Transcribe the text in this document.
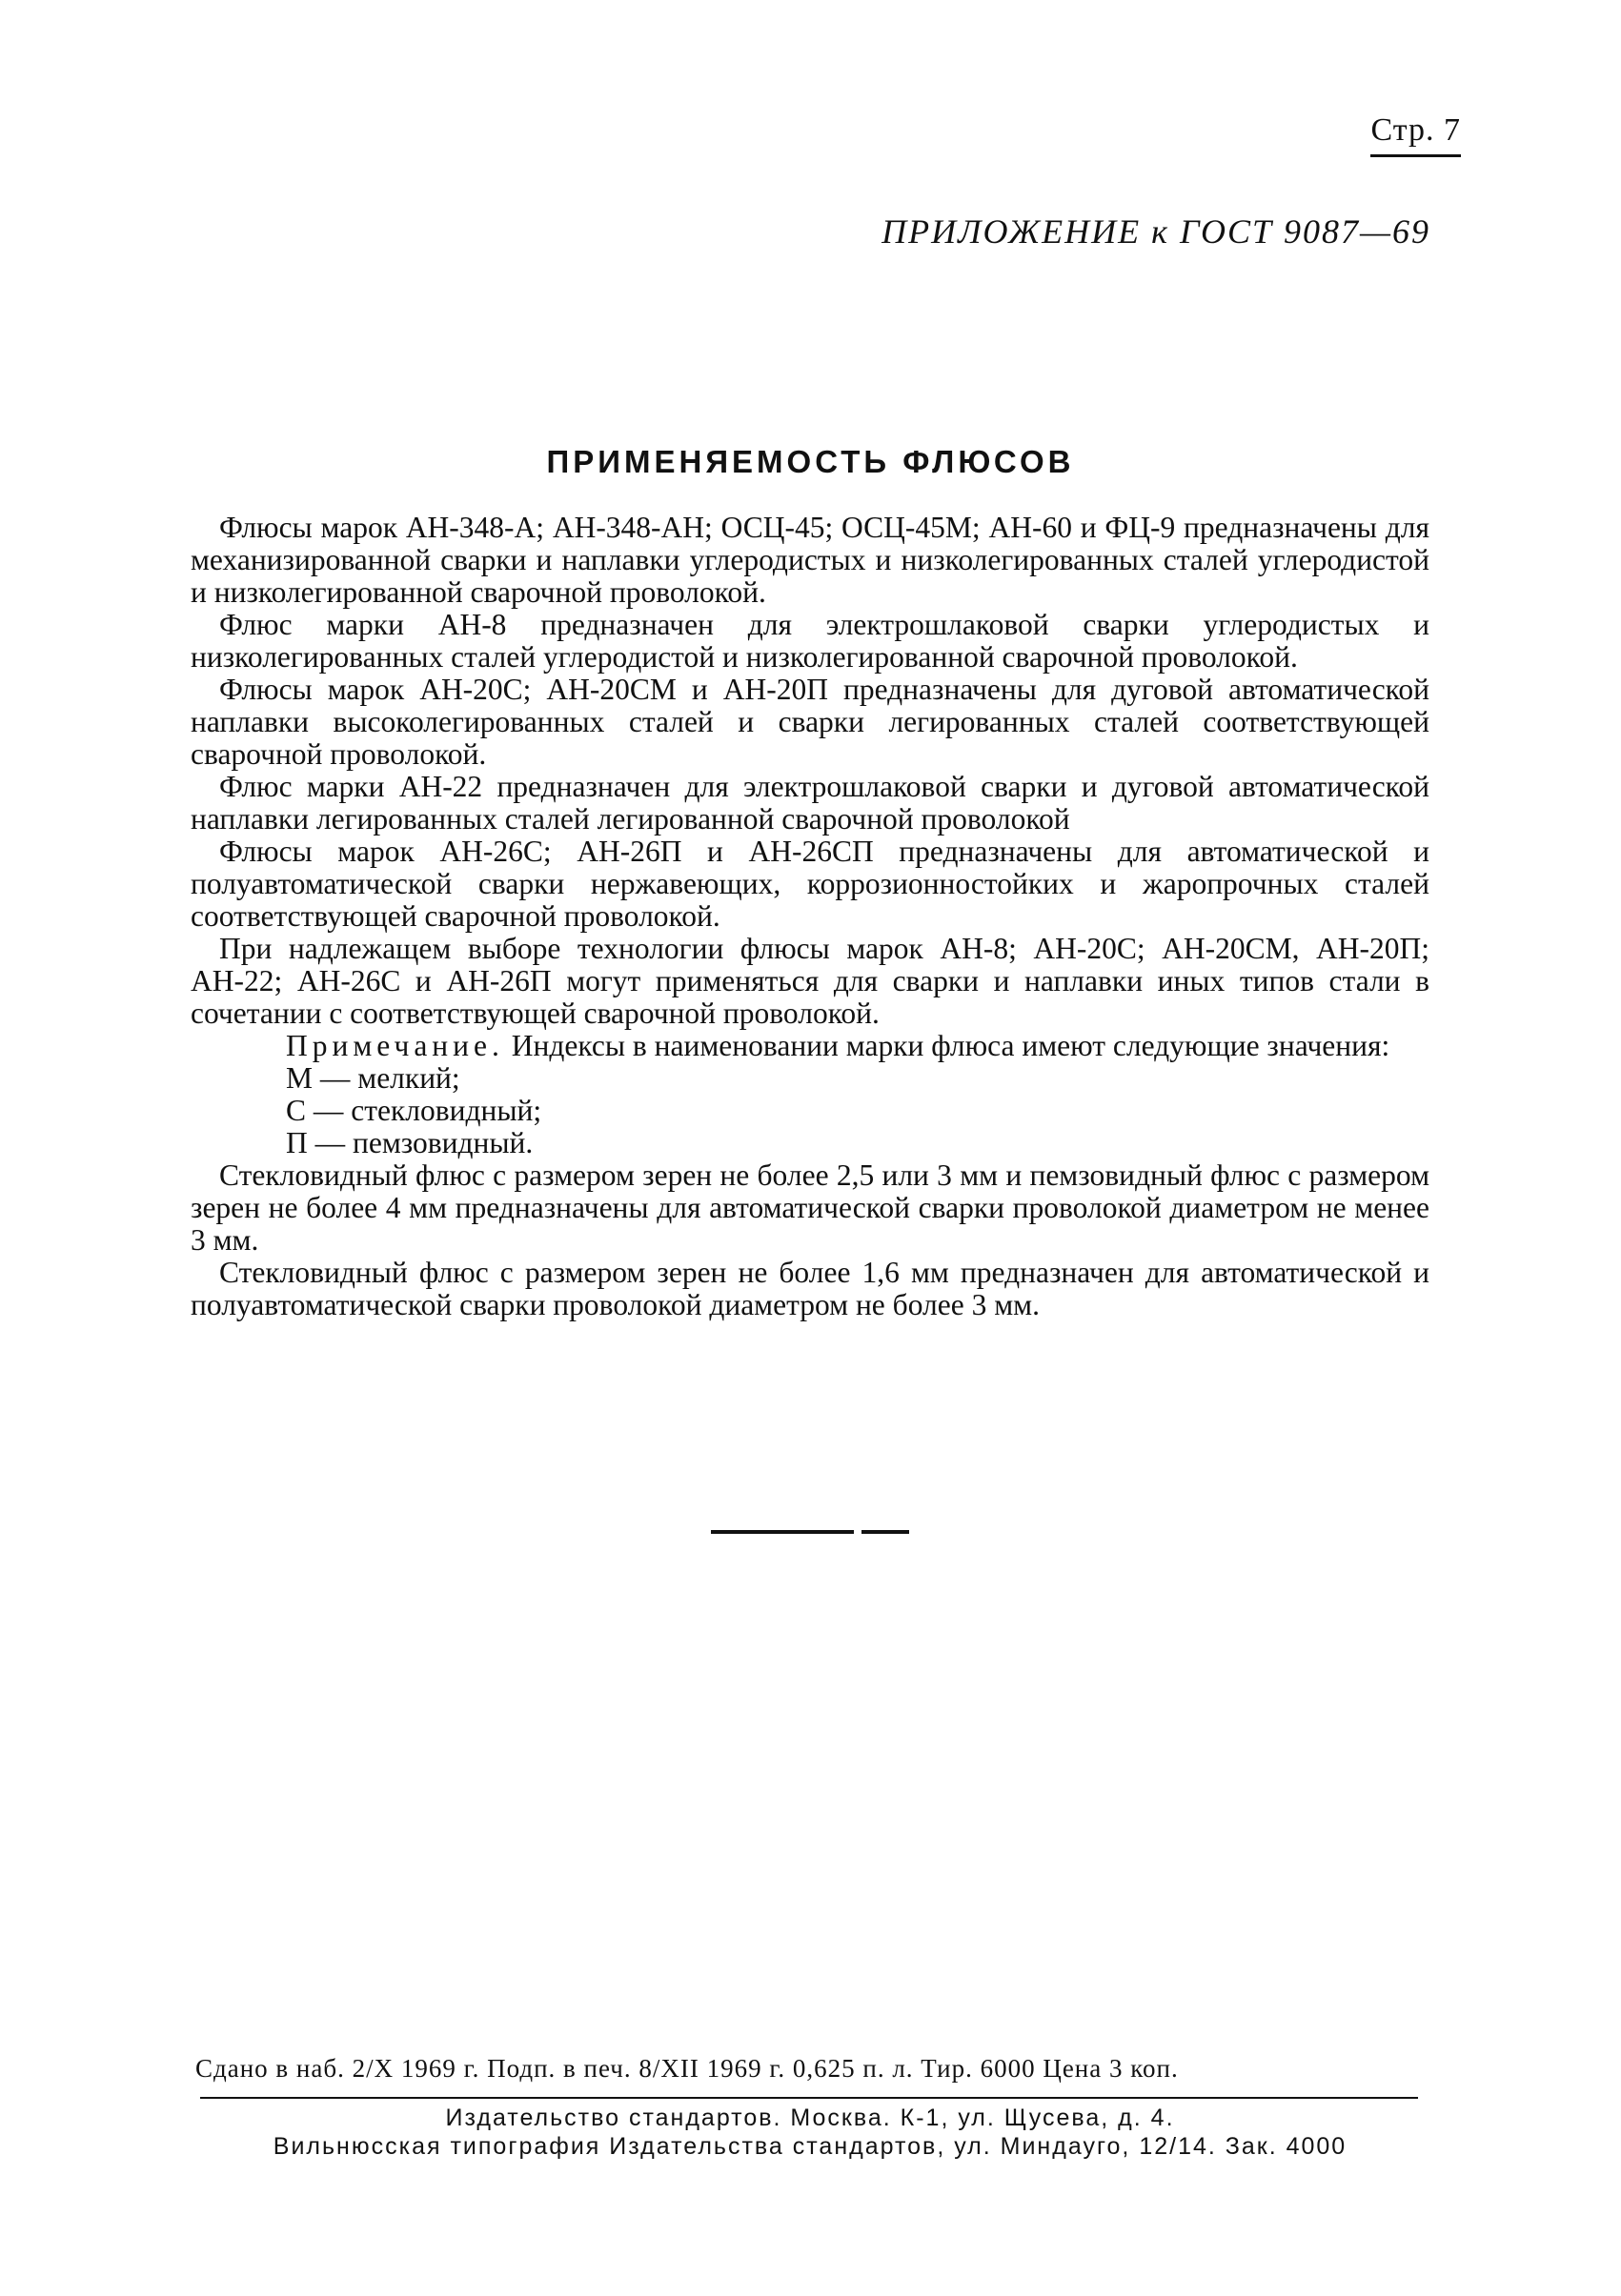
Стр. 7
ПРИЛОЖЕНИЕ к ГОСТ 9087—69
ПРИМЕНЯЕМОСТЬ ФЛЮСОВ

Флюсы марок АН-348-А; АН-348-АН; ОСЦ-45; ОСЦ-45М; АН-60 и ФЦ-9 предназначены для механизированной сварки и наплавки углеродистых и низколегированных сталей углеродистой и низколегированной сварочной проволокой.

Флюс марки АН-8 предназначен для электрошлаковой сварки углеродистых и низколегированных сталей углеродистой и низколегированной сварочной проволокой.

Флюсы марок АН-20С; АН-20СМ и АН-20П предназначены для дуговой автоматической наплавки высоколегированных сталей и сварки легированных сталей соответствующей сварочной проволокой.

Флюс марки АН-22 предназначен для электрошлаковой сварки и дуговой автоматической наплавки легированных сталей легированной сварочной проволокой

Флюсы марок АН-26С; АН-26П и АН-26СП предназначены для автоматической и полуавтоматической сварки нержавеющих, коррозионностойких и жаропрочных сталей соответствующей сварочной проволокой.

При надлежащем выборе технологии флюсы марок АН-8; АН-20С; АН-20СМ, АН-20П; АН-22; АН-26С и АН-26П могут применяться для сварки и наплавки иных типов стали в сочетании с соответствующей сварочной проволокой.

Примечание. Индексы в наименовании марки флюса имеют следующие значения:

М — мелкий;

С — стекловидный;

П — пемзовидный.

Стекловидный флюс с размером зерен не более 2,5 или 3 мм и пемзовидный флюс с размером зерен не более 4 мм предназначены для автоматической сварки проволокой диаметром не менее 3 мм.

Стекловидный флюс с размером зерен не более 1,6 мм предназначен для автоматической и полуавтоматической сварки проволокой диаметром не более 3 мм.

Сдано в наб. 2/X 1969 г. Подп. в печ. 8/XII 1969 г. 0,625 п. л. Тир. 6000 Цена 3 коп.
Издательство стандартов. Москва. К-1, ул. Щусева, д. 4.
Вильнюсская типография Издательства стандартов, ул. Миндауго, 12/14. Зак. 4000
